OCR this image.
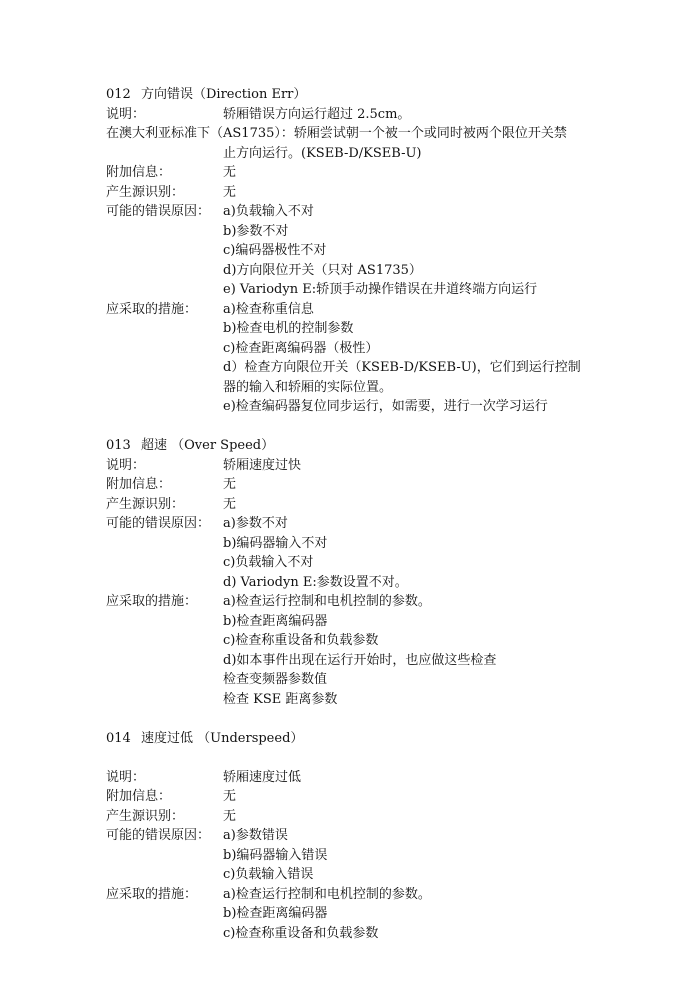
012 方向错误（Direction Err）
说明：	轿厢错误方向运行超过 2.5cm。
在澳大利亚标准下（AS1735）： 轿厢尝试朝一个被一个或同时被两个限位开关禁
止方向运行。(KSEB-D/KSEB-U)
附加信息：	无
产生源识别：	无
可能的错误原因： a)负载输入不对
b)参数不对
c)编码器极性不对
d)方向限位开关（只对 AS1735）
e) Variodyn E:轿顶手动操作错误在井道终端方向运行
应采取的措施：	a)检查称重信息
b)检查电机的控制参数
c)检查距离编码器（极性）
d）检查方向限位开关（KSEB-D/KSEB-U)，它们到运行控制
器的输入和轿厢的实际位置。
e)检查编码器复位同步运行，如需要，进行一次学习运行
013 超速 （Over Speed）
说明：	轿厢速度过快
附加信息：	无
产生源识别：	无
可能的错误原因： a)参数不对
b)编码器输入不对
c)负载输入不对
d) Variodyn E:参数设置不对。
应采取的措施：	a)检查运行控制和电机控制的参数。
b)检查距离编码器
c)检查称重设备和负载参数
d)如本事件出现在运行开始时，也应做这些检查
检查变频器参数值
检查 KSE 距离参数
014 速度过低 （Underspeed）
说明：	轿厢速度过低
附加信息：	无
产生源识别：	无
可能的错误原因： a)参数错误
b)编码器输入错误
c)负载输入错误
应采取的措施：	a)检查运行控制和电机控制的参数。
b)检查距离编码器
c)检查称重设备和负载参数
